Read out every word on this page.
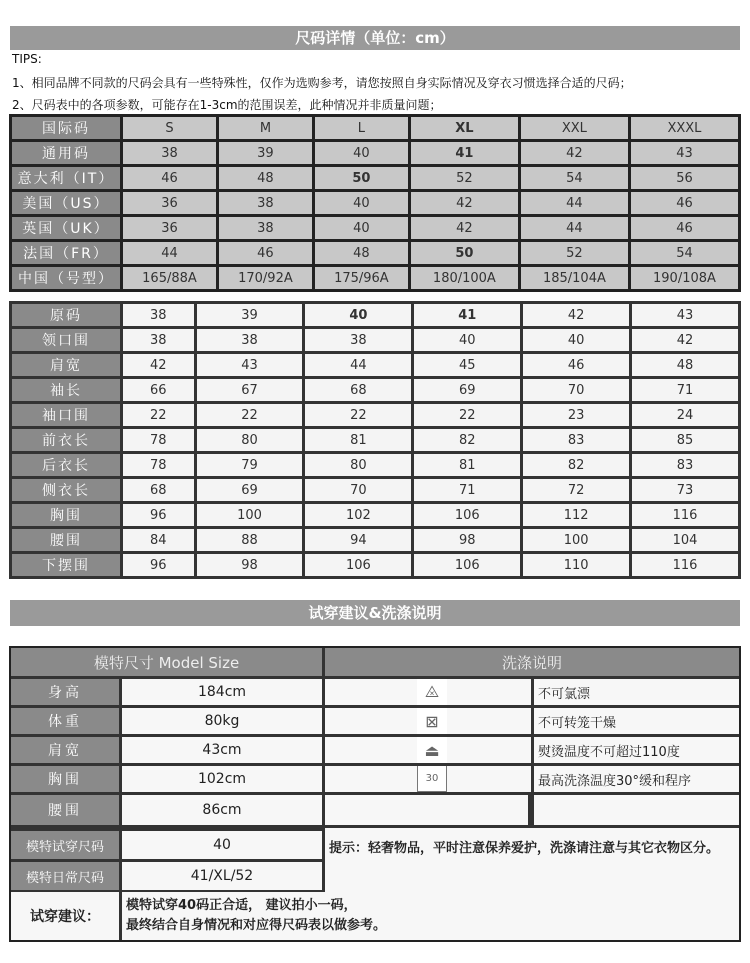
尺码详情（单位：cm）
TIPS:
1、相同品牌不同款的尺码会具有一些特殊性，仅作为选购参考，请您按照自身实际情况及穿衣习惯选择合适的尺码；
2、尺码表中的各项参数，可能存在1-3cm的范围误差，此种情况并非质量问题；
国际码	S	M	L	XL	XXL	XXXL
通用码	38	39	40	41	42	43
意大利（IT）	46	48	50	52	54	56
美国（US）	36	38	40	42	44	46
英国（UK）	36	38	40	42	44	46
法国（FR）	44	46	48	50	52	54
中国（号型）	165/88A	170/92A	175/96A	180/100A	185/104A	190/108A
原码	38	39	40	41	42	43
领口围	38	38	38	40	40	42
肩宽	42	43	44	45	46	48
袖长	66	67	68	69	70	71
袖口围	22	22	22	22	23	24
前衣长	78	80	81	82	83	85
后衣长	78	79	80	81	82	83
侧衣长	68	69	70	71	72	73
胸围	96	100	102	106	112	116
腰围	84	88	94	98	100	104
下摆围	96	98	106	106	110	116
试穿建议&洗涤说明
模特尺寸 Model Size	洗涤说明
提示：轻奢物品，平时注意保养爱护，洗涤请注意与其它衣物区分。
试穿建议：
模特试穿40码正合适， 建议拍小一码，
最终结合自身情况和对应得尺码表以做参考。
身高	184cm
体重	80kg
肩宽	43cm
胸围	102cm
腰围	86cm
模特试穿尺码	40
模特日常尺码	41/XL/52
⨻	不可氯漂
⊠	不可转笼干燥
⏏	熨烫温度不可超过110度
30	最高洗涤温度30°缓和程序
